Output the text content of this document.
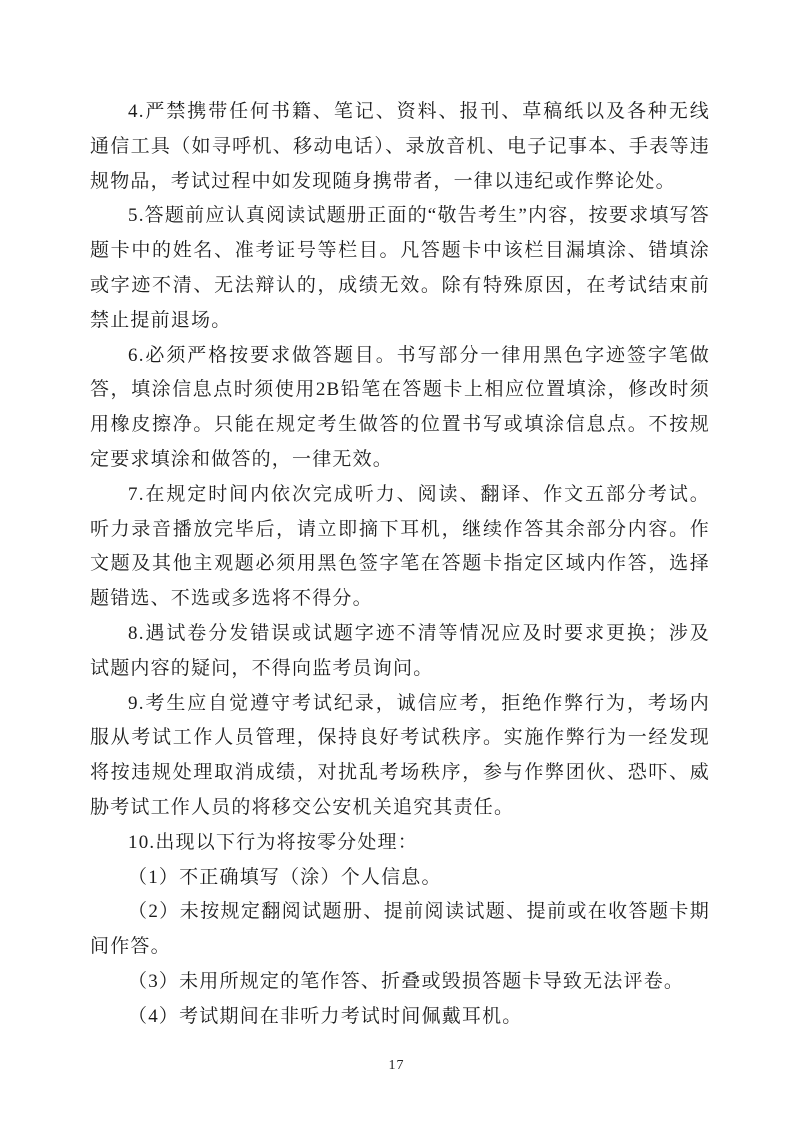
4.严禁携带任何书籍、笔记、资料、报刊、草稿纸以及各种无线通信工具（如寻呼机、移动电话）、录放音机、电子记事本、手表等违规物品，考试过程中如发现随身携带者，一律以违纪或作弊论处。

5.答题前应认真阅读试题册正面的“敬告考生”内容，按要求填写答题卡中的姓名、准考证号等栏目。凡答题卡中该栏目漏填涂、错填涂或字迹不清、无法辩认的，成绩无效。除有特殊原因，在考试结束前禁止提前退场。

6.必须严格按要求做答题目。书写部分一律用黑色字迹签字笔做答，填涂信息点时须使用2B铅笔在答题卡上相应位置填涂，修改时须用橡皮擦净。只能在规定考生做答的位置书写或填涂信息点。不按规定要求填涂和做答的，一律无效。

7.在规定时间内依次完成听力、阅读、翻译、作文五部分考试。听力录音播放完毕后，请立即摘下耳机，继续作答其余部分内容。作文题及其他主观题必须用黑色签字笔在答题卡指定区域内作答，选择题错选、不选或多选将不得分。

8.遇试卷分发错误或试题字迹不清等情况应及时要求更换；涉及试题内容的疑问，不得向监考员询问。

9.考生应自觉遵守考试纪录，诚信应考，拒绝作弊行为，考场内服从考试工作人员管理，保持良好考试秩序。实施作弊行为一经发现将按违规处理取消成绩，对扰乱考场秩序，参与作弊团伙、恐吓、威胁考试工作人员的将移交公安机关追究其责任。

10.出现以下行为将按零分处理：

（1）不正确填写（涂）个人信息。

（2）未按规定翻阅试题册、提前阅读试题、提前或在收答题卡期间作答。

（3）未用所规定的笔作答、折叠或毁损答题卡导致无法评卷。

（4）考试期间在非听力考试时间佩戴耳机。

17
